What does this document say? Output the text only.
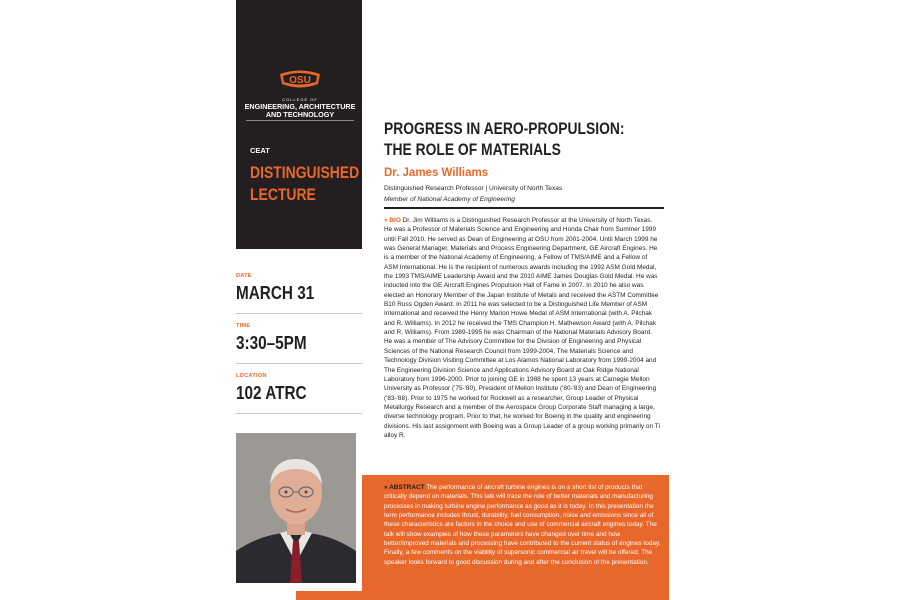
OSU
COLLEGE OF
ENGINEERING, ARCHITECTURE
AND TECHNOLOGY
CEAT
DISTINGUISHED
LECTURE
DATE
MARCH 31
TIME
3:30–5PM
LOCATION
102 ATRC
PROGRESS IN AERO-PROPULSION:
THE ROLE OF MATERIALS
Dr. James Williams
Distinguished Research Professor | University of North Texas
Member of National Academy of Engineering
» BIO Dr. Jim Williams is a Distinguished Research Professor at the University of North Texas. He was a Professor of Materials Science and Engineering and Honda Chair from Summer 1999 until Fall 2010. He served as Dean of Engineering at OSU from 2001-2004. Until March 1999 he was General Manager, Materials and Process Engineering Department, GE Aircraft Engines. He is a member of the National Academy of Engineering, a Fellow of TMS/AIME and a Fellow of ASM International. He is the recipient of numerous awards including the 1992 ASM Gold Medal, the 1993 TMS/AIME Leadership Award and the 2010 AIME James Douglas Gold Medal. He was inducted into the GE Aircraft Engines Propulsion Hall of Fame in 2007. In 2010 he also was elected an Honorary Member of the Japan Institute of Metals and received the ASTM Committee B10 Russ Ogden Award. In 2011 he was selected to be a Distinguished Life Member of ASM International and received the Henry Marion Howe Medal of ASM International (with A. Pilchak and R. Williams). In 2012 he received the TMS Champion H. Mathewson Award (with A. Pilchak and R. Williams). From 1989-1995 he was Chairman of the National Materials Advisory Board. He was a member of The Advisory Committee for the Division of Engineering and Physical Sciences of the National Research Council from 1999-2004, The Materials Science and Technology Division Visiting Committee at Los Alamos National Laboratory from 1999-2004 and The Engineering Division Science and Applications Advisory Board at Oak Ridge National Laboratory from 1996-2000. Prior to joining GE in 1988 he spent 13 years at Carnegie Mellon University as Professor ('75-'80), President of Mellon Institute ('80-'83) and Dean of Engineering ('83-'88). Prior to 1975 he worked for Rockwell as a researcher, Group Leader of Physical Metallurgy Research and a member of the Aerospace Group Corporate Staff managing a large, diverse technology program. Prior to that, he worked for Boeing in the quality and engineering divisions. His last assignment with Boeing was a Group Leader of a group working primarily on Ti alloy R.
» ABSTRACT The performance of aircraft turbine engines is on a short list of products that critically depend on materials. This talk will trace the role of better materials and manufacturing processes in making turbine engine performance as good as it is today. In this presentation the term performance includes thrust, durability, fuel consumption, noise and emissions since all of these characteristics are factors in the choice and use of commercial aircraft engines today. The talk will show examples of how these parameters have changed over time and how better/improved materials and processing have contributed to the current status of engines today. Finally, a few comments on the viability of supersonic commercial air travel will be offered. The speaker looks forward to good discussion during and after the conclusion of the presentation.
